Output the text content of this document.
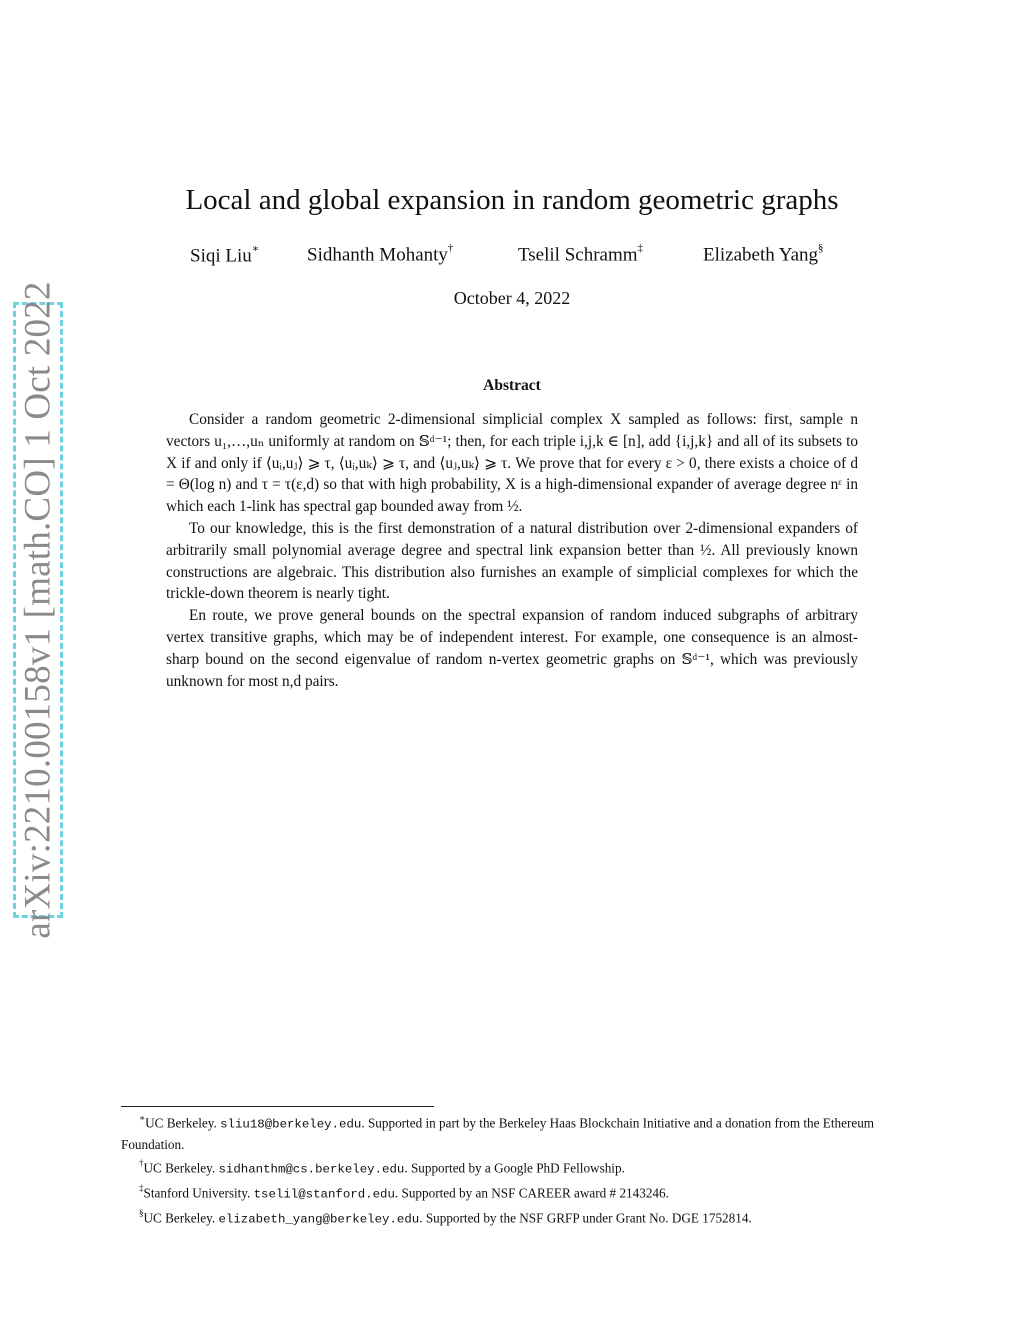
arXiv:2210.00158v1 [math.CO] 1 Oct 2022
Local and global expansion in random geometric graphs
Siqi Liu∗	Sidhanth Mohanty†	Tselil Schramm‡	Elizabeth Yang§
October 4, 2022
Abstract

Consider a random geometric 2-dimensional simplicial complex X sampled as follows: first, sample n vectors u₁,…,uₙ uniformly at random on 𝕊ᵈ⁻¹; then, for each triple i,j,k ∈ [n], add {i,j,k} and all of its subsets to X if and only if ⟨uᵢ,uⱼ⟩ ⩾ τ, ⟨uᵢ,uₖ⟩ ⩾ τ, and ⟨uⱼ,uₖ⟩ ⩾ τ. We prove that for every ε > 0, there exists a choice of d = Θ(log n) and τ = τ(ε,d) so that with high probability, X is a high-dimensional expander of average degree nᵋ in which each 1-link has spectral gap bounded away from ½.

To our knowledge, this is the first demonstration of a natural distribution over 2-dimensional expanders of arbitrarily small polynomial average degree and spectral link expansion better than ½. All previously known constructions are algebraic. This distribution also furnishes an example of simplicial complexes for which the trickle-down theorem is nearly tight.

En route, we prove general bounds on the spectral expansion of random induced subgraphs of arbitrary vertex transitive graphs, which may be of independent interest. For example, one consequence is an almost-sharp bound on the second eigenvalue of random n-vertex geometric graphs on 𝕊ᵈ⁻¹, which was previously unknown for most n,d pairs.

∗UC Berkeley. sliu18@berkeley.edu. Supported in part by the Berkeley Haas Blockchain Initiative and a donation from the Ethereum Foundation.

†UC Berkeley. sidhanthm@cs.berkeley.edu. Supported by a Google PhD Fellowship.

‡Stanford University. tselil@stanford.edu. Supported by an NSF CAREER award # 2143246.

§UC Berkeley. elizabeth_yang@berkeley.edu. Supported by the NSF GRFP under Grant No. DGE 1752814.
